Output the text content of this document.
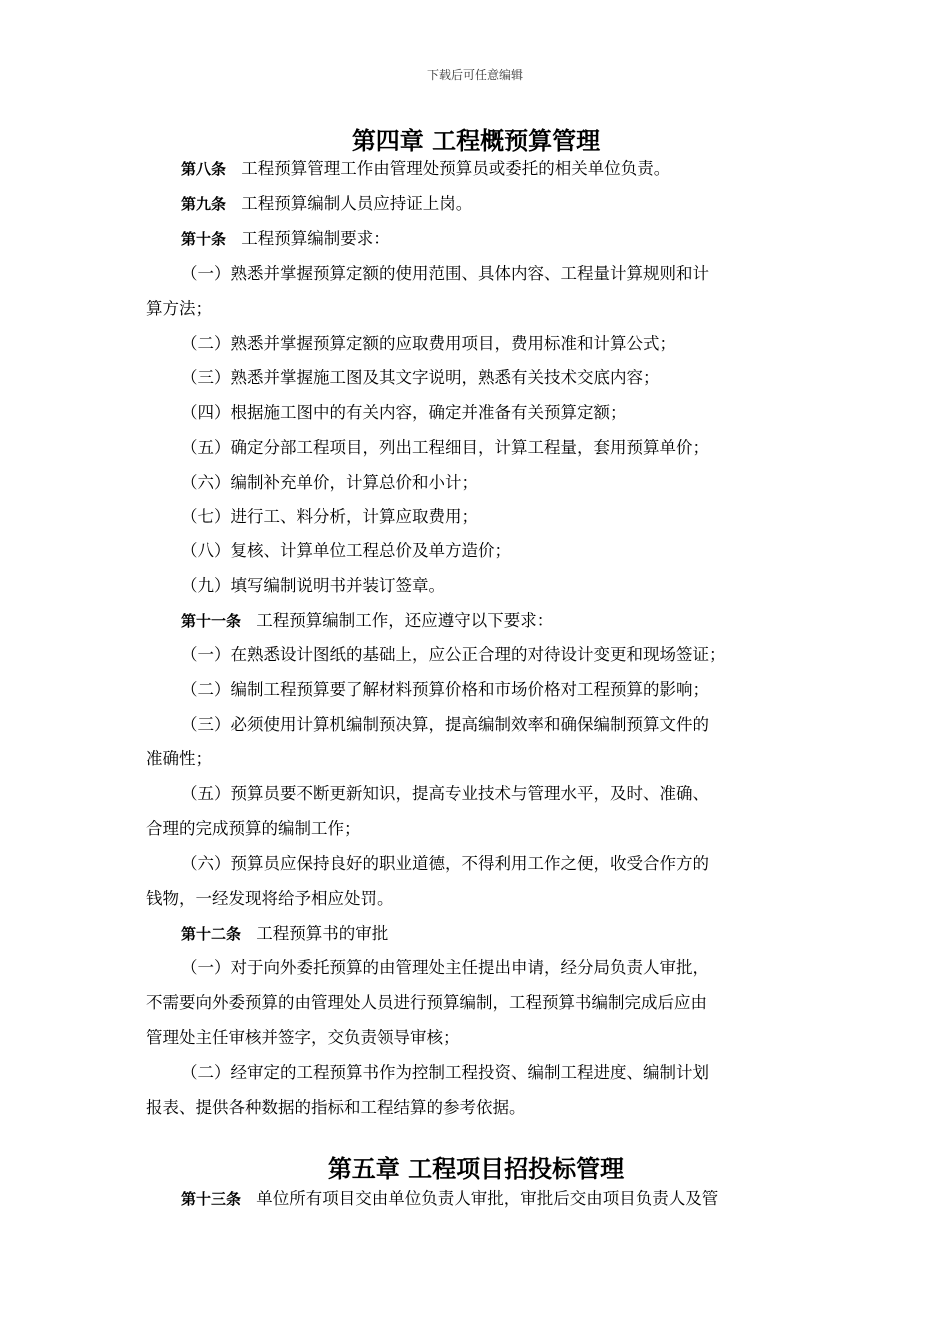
下载后可任意编辑
第四章 工程概预算管理
第八条 工程预算管理工作由管理处预算员或委托的相关单位负责。
第九条 工程预算编制人员应持证上岗。
第十条 工程预算编制要求：
（一）熟悉并掌握预算定额的使用范围、具体内容、工程量计算规则和计
算方法；
（二）熟悉并掌握预算定额的应取费用项目，费用标准和计算公式；
（三）熟悉并掌握施工图及其文字说明，熟悉有关技术交底内容；
（四）根据施工图中的有关内容，确定并准备有关预算定额；
（五）确定分部工程项目，列出工程细目，计算工程量，套用预算单价；
（六）编制补充单价，计算总价和小计；
（七）进行工、料分析，计算应取费用；
（八）复核、计算单位工程总价及单方造价；
（九）填写编制说明书并装订签章。
第十一条 工程预算编制工作，还应遵守以下要求：
（一）在熟悉设计图纸的基础上，应公正合理的对待设计变更和现场签证；
（二）编制工程预算要了解材料预算价格和市场价格对工程预算的影响；
（三）必须使用计算机编制预决算，提高编制效率和确保编制预算文件的
准确性；
（五）预算员要不断更新知识，提高专业技术与管理水平，及时、准确、
合理的完成预算的编制工作；
（六）预算员应保持良好的职业道德，不得利用工作之便，收受合作方的
钱物，一经发现将给予相应处罚。
第十二条 工程预算书的审批
（一）对于向外委托预算的由管理处主任提出申请，经分局负责人审批，
不需要向外委预算的由管理处人员进行预算编制，工程预算书编制完成后应由
管理处主任审核并签字，交负责领导审核；
（二）经审定的工程预算书作为控制工程投资、编制工程进度、编制计划
报表、提供各种数据的指标和工程结算的参考依据。
第五章 工程项目招投标管理
第十三条 单位所有项目交由单位负责人审批，审批后交由项目负责人及管
